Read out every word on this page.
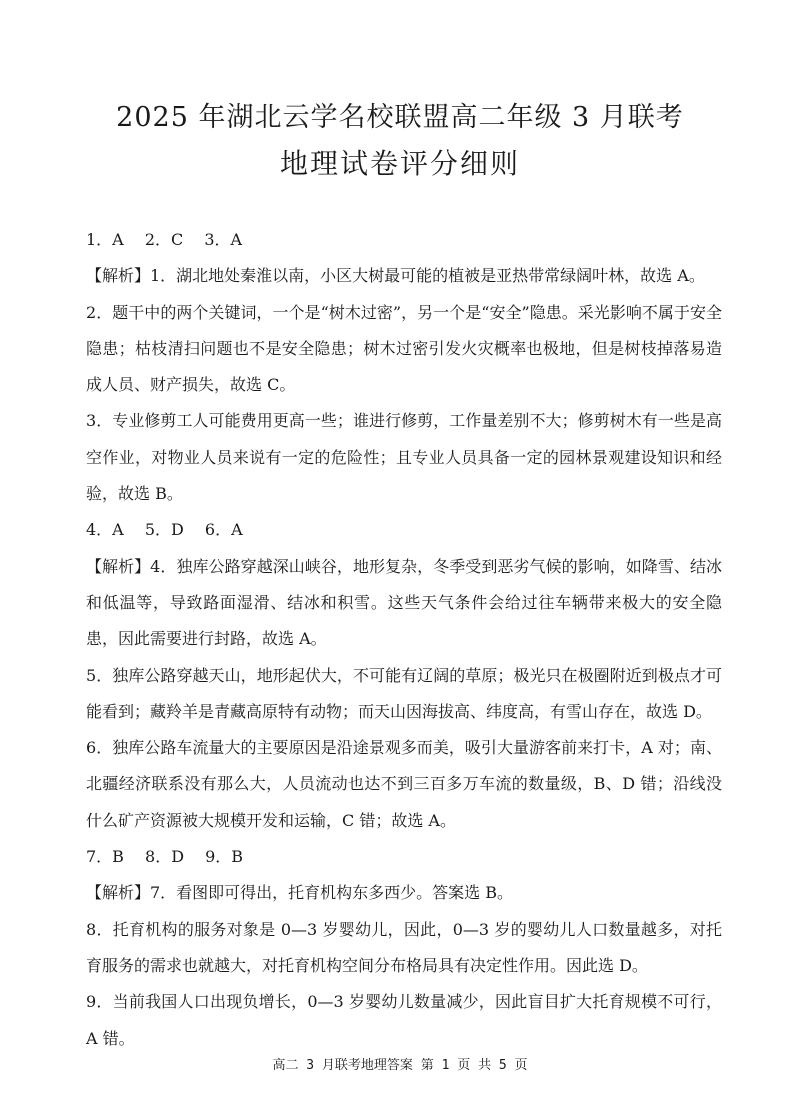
2025 年湖北云学名校联盟高二年级 3 月联考
地理试卷评分细则

1．A　 2．C　 3．A

【解析】1．湖北地处秦淮以南，小区大树最可能的植被是亚热带常绿阔叶林，故选 A。

2．题干中的两个关键词，一个是“树木过密”，另一个是“安全”隐患。采光影响不属于安全隐患；枯枝清扫问题也不是安全隐患；树木过密引发火灾概率也极地，但是树枝掉落易造成人员、财产损失，故选 C。

3．专业修剪工人可能费用更高一些；谁进行修剪，工作量差别不大；修剪树木有一些是高空作业，对物业人员来说有一定的危险性；且专业人员具备一定的园林景观建设知识和经验，故选 B。

4．A　 5．D　 6．A

【解析】4．独库公路穿越深山峡谷，地形复杂，冬季受到恶劣气候的影响，如降雪、结冰和低温等，导致路面湿滑、结冰和积雪。这些天气条件会给过往车辆带来极大的安全隐患，因此需要进行封路，故选 A。

5．独库公路穿越天山，地形起伏大，不可能有辽阔的草原；极光只在极圈附近到极点才可能看到；藏羚羊是青藏高原特有动物；而天山因海拔高、纬度高，有雪山存在，故选 D。

6．独库公路车流量大的主要原因是沿途景观多而美，吸引大量游客前来打卡，A 对；南、北疆经济联系没有那么大，人员流动也达不到三百多万车流的数量级，B、D 错；沿线没什么矿产资源被大规模开发和运输，C 错；故选 A。

7．B　 8．D　 9．B

【解析】7．看图即可得出，托育机构东多西少。答案选 B。

8．托育机构的服务对象是 0—3 岁婴幼儿，因此，0—3 岁的婴幼儿人口数量越多，对托育服务的需求也就越大，对托育机构空间分布格局具有决定性作用。因此选 D。

9．当前我国人口出现负增长，0—3 岁婴幼儿数量减少，因此盲目扩大托育规模不可行，A 错。

高二 3 月联考地理答案 第 1 页 共 5 页
